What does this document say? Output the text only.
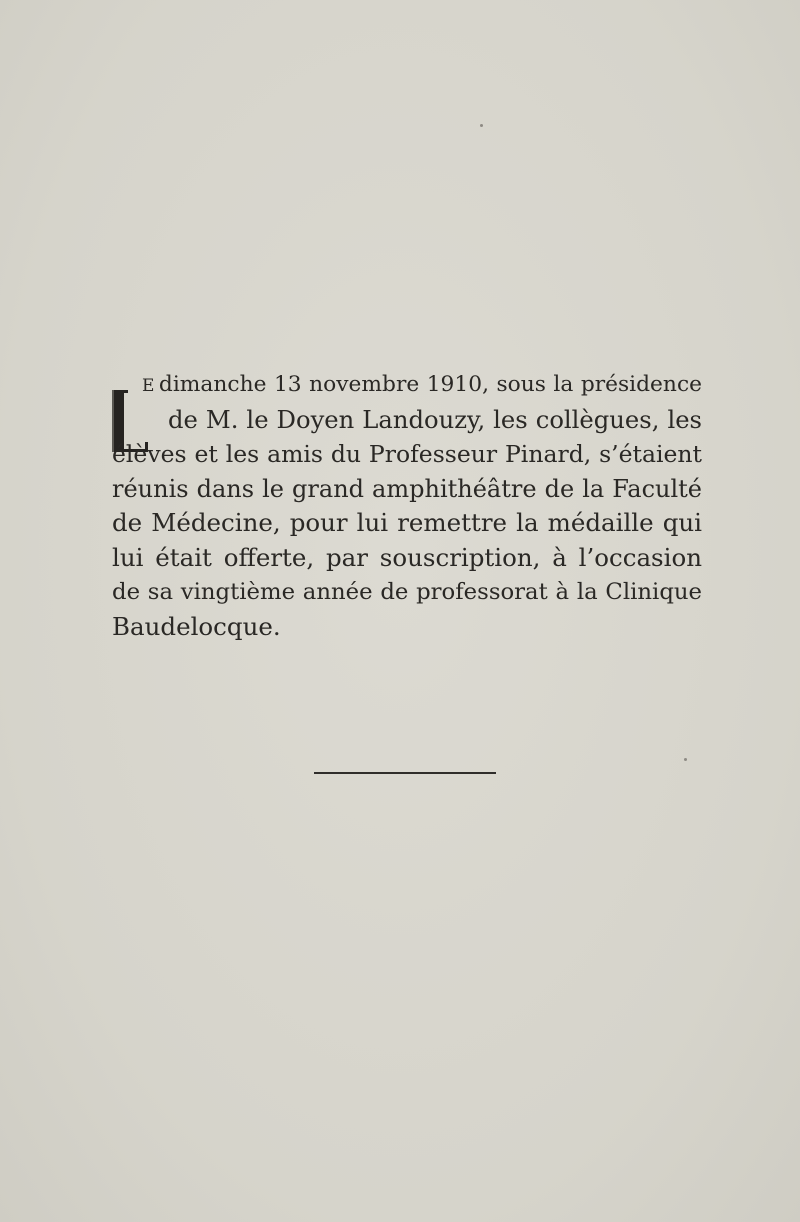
E dimanche 13 novembre 1910, sous la présidence
de M. le Doyen Landouzy, les collègues, les
élèves et les amis du Professeur Pinard, s’étaient
réunis dans le grand amphithéâtre de la Faculté
de Médecine, pour lui remettre la médaille qui
lui était offerte, par souscription, à l’occasion
de sa vingtième année de professorat à la Clinique
Baudelocque.
